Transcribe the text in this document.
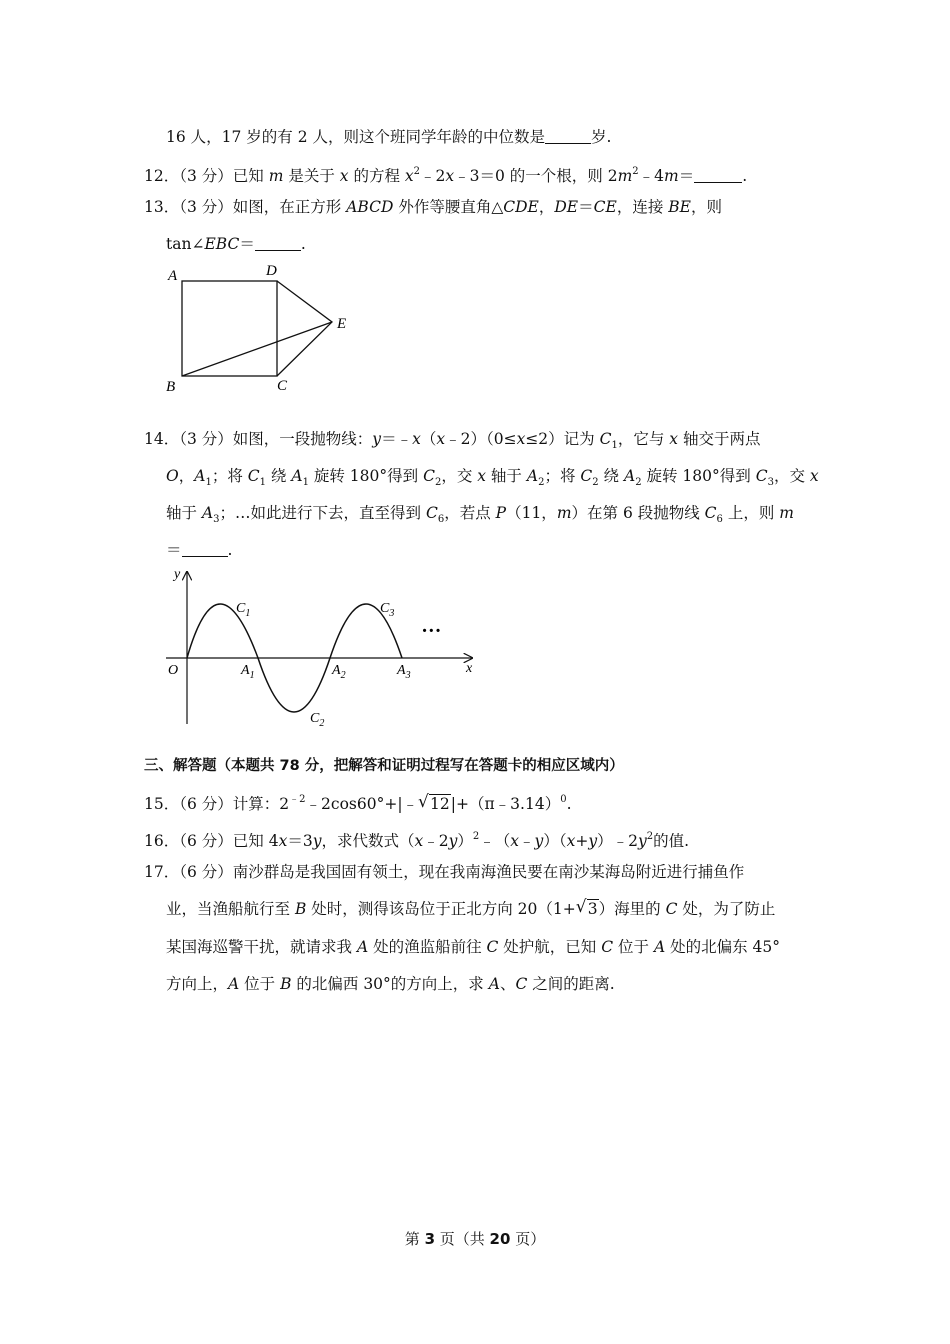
16 人，17 岁的有 2 人，则这个班同学年龄的中位数是	岁.
12．（3 分）已知 m 是关于 x 的方程 $x^2﹣2x﹣3=0$ 的一个根，则 $2m^2﹣4m=$	.
13．（3 分）如图，在正方形 ABCD 外作等腰直角△CDE，DE＝CE，连接 BE，则
tan∠EBC＝	.
A	D
E
B	C
14．（3 分）如图，一段抛物线：y＝﹣x（x﹣2）（0≤x≤2）记为 $C_1$，它与 x 轴交于两点
O，$A_1$；将 $C_1$ 绕 $A_1$ 旋转 180°得到 $C_2$，交 x 轴于 $A_2$；将 $C_2$ 绕 $A_2$ 旋转 180°得到 $C_3$，交 x
轴于 $A_3$；…如此进行下去，直至得到 $C_6$，若点 P（11，m）在第 6 段抛物线 $C_6$ 上，则 m
＝	.
y
x
O
$C_1$
$C_2$
$C_3$
$A_1$	$A_2$	$A_3$
…
三、解答题（本题共 78 分，把解答和证明过程写在答题卡的相应区域内）
15．（6 分）计算：$2^{﹣2}﹣2\cos 60^\circ+|﹣$ √ 12|+（π﹣3.14）$^0$.
16．（6 分）已知 4x＝3y，求代数式$(x﹣2y)^2﹣(x﹣y)(x+y)﹣2y^2$的值.
17．（6 分）南沙群岛是我国固有领土，现在我南海渔民要在南沙某海岛附近进行捕鱼作
业，当渔船航行至 B 处时，测得该岛位于正北方向 20（1+ √ 3）海里的 C 处，为了防止
某国海巡警干扰，就请求我 A 处的渔监船前往 C 处护航，已知 C 位于 A 处的北偏东 45°
方向上，A 位于 B 的北偏西 30°的方向上，求 A、C 之间的距离.
第 3 页（共 20 页）
